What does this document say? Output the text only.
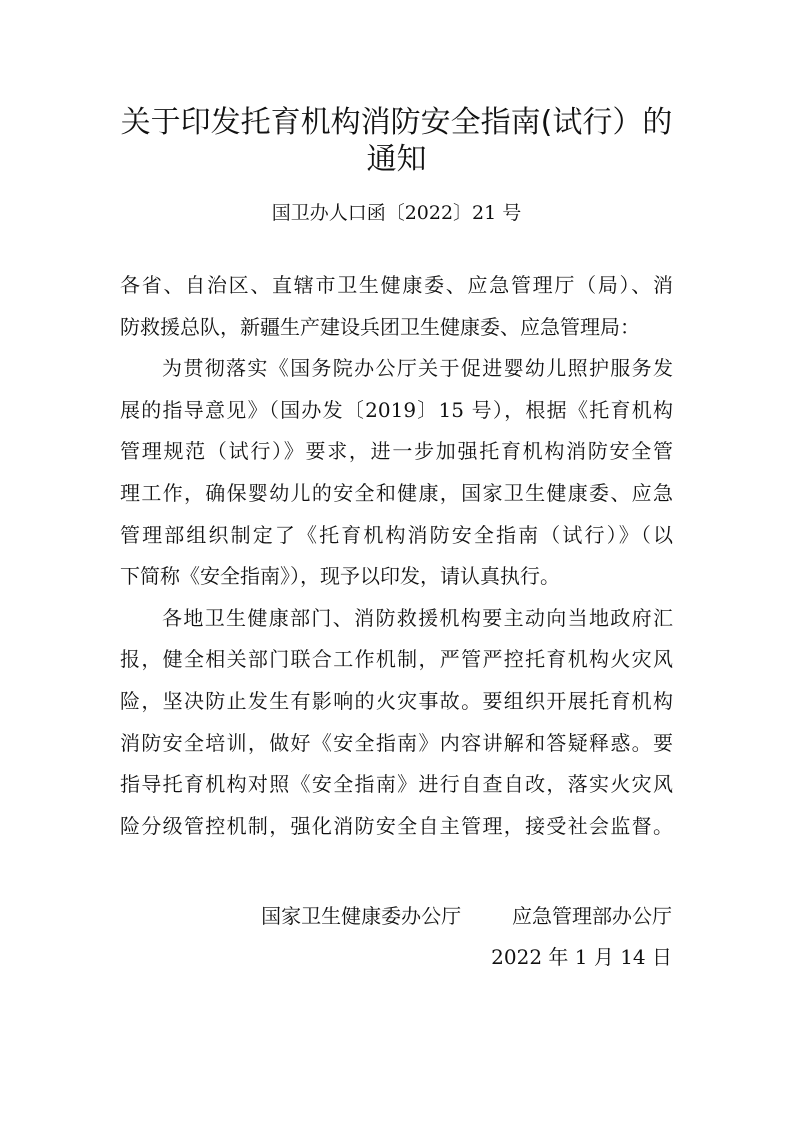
关于印发托育机构消防安全指南(试行）的
通知
国卫办人口函〔2022〕21 号
各省、自治区、直辖市卫生健康委、应急管理厅（局）、消
防救援总队，新疆生产建设兵团卫生健康委、应急管理局：
为贯彻落实《国务院办公厅关于促进婴幼儿照护服务发
展的指导意见》（国办发〔2019〕15 号），根据《托育机构
管理规范（试行）》要求，进一步加强托育机构消防安全管
理工作，确保婴幼儿的安全和健康，国家卫生健康委、应急
管理部组织制定了《托育机构消防安全指南（试行）》（以
下简称《安全指南》），现予以印发，请认真执行。
各地卫生健康部门、消防救援机构要主动向当地政府汇
报，健全相关部门联合工作机制，严管严控托育机构火灾风
险，坚决防止发生有影响的火灾事故。要组织开展托育机构
消防安全培训，做好《安全指南》内容讲解和答疑释惑。要
指导托育机构对照《安全指南》进行自查自改，落实火灾风
险分级管控机制，强化消防安全自主管理，接受社会监督。
国家卫生健康委办公厅	应急管理部办公厅
2022 年 1 月 14 日
